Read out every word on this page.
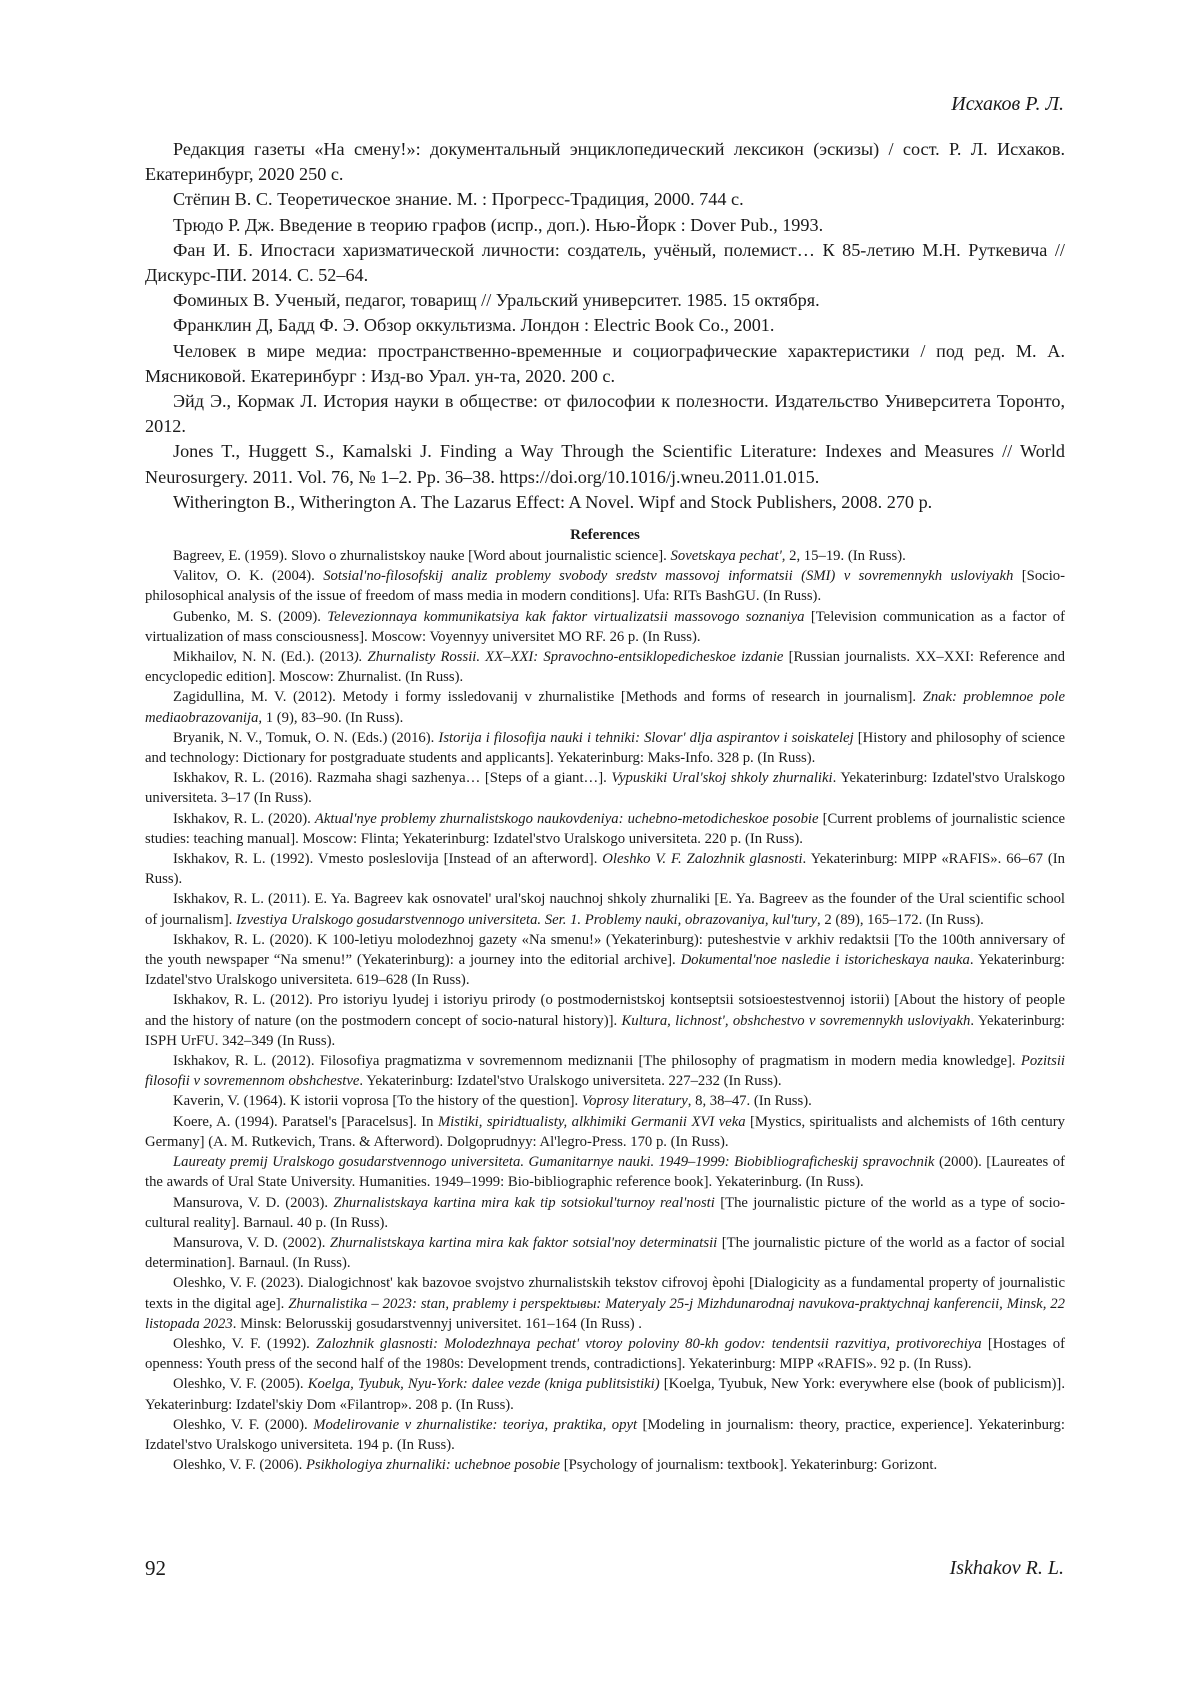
Исхаков Р. Л.

Редакция газеты «На смену!»: документальный энциклопедический лексикон (эскизы) / сост. Р. Л. Исхаков. Екатеринбург, 2020 250 с.

Стёпин В. С. Теоретическое знание. М. : Прогресс-Традиция, 2000. 744 с.

Трюдо Р. Дж. Введение в теорию графов (испр., доп.). Нью-Йорк : Dover Pub., 1993.

Фан И. Б. Ипостаси харизматической личности: создатель, учёный, полемист… К 85-летию М.Н. Руткевича // Дискурс-ПИ. 2014. С. 52–64.

Фоминых В. Ученый, педагог, товарищ // Уральский университет. 1985. 15 октября.

Франклин Д, Бадд Ф. Э. Обзор оккультизма. Лондон : Electric Book Co., 2001.

Человек в мире медиа: пространственно-временные и социографические характеристики / под ред. М. А. Мясниковой. Екатеринбург : Изд-во Урал. ун-та, 2020. 200 с.

Эйд Э., Кормак Л. История науки в обществе: от философии к полезности. Издательство Университета Торонто, 2012.

Jones T., Huggett S., Kamalski J. Finding a Way Through the Scientific Literature: Indexes and Measures // World Neurosurgery. 2011. Vol. 76, № 1–2. Pp. 36–38. https://doi.org/10.1016/j.wneu.2011.01.015.

Witherington B., Witherington A. The Lazarus Effect: A Novel. Wipf and Stock Publishers, 2008. 270 p.

References

Bagreev, E. (1959). Slovo o zhurnalistskoy nauke [Word about journalistic science]. Sovetskaya pechat', 2, 15–19. (In Russ).

Valitov, O. K. (2004). Sotsial'no-filosofskij analiz problemy svobody sredstv massovoj informatsii (SMI) v sovremennykh usloviyakh [Socio-philosophical analysis of the issue of freedom of mass media in modern conditions]. Ufa: RITs BashGU. (In Russ).

Gubenko, M. S. (2009). Televezionnaya kommunikatsiya kak faktor virtualizatsii massovogo soznaniya [Television communication as a factor of virtualization of mass consciousness]. Moscow: Voyennyy universitet MO RF. 26 p. (In Russ).

Mikhailov, N. N. (Ed.). (2013). Zhurnalisty Rossii. XX–XXI: Spravochno-entsiklopedicheskoe izdanie [Russian journalists. XX–XXI: Reference and encyclopedic edition]. Moscow: Zhurnalist. (In Russ).

Zagidullina, M. V. (2012). Metody i formy issledovanij v zhurnalistike [Methods and forms of research in journalism]. Znak: problemnoe pole mediaobrazovanija, 1 (9), 83–90. (In Russ).

Bryanik, N. V., Tomuk, O. N. (Eds.) (2016). Istorija i filosofija nauki i tehniki: Slovar' dlja aspirantov i soiskatelej [History and philosophy of science and technology: Dictionary for postgraduate students and applicants]. Yekaterinburg: Maks-Info. 328 p. (In Russ).

Iskhakov, R. L. (2016). Razmaha shagi sazhenya… [Steps of a giant…]. Vypuskiki Ural'skoj shkoly zhurnaliki. Yekaterinburg: Izdatel'stvo Uralskogo universiteta. 3–17 (In Russ).

Iskhakov, R. L. (2020). Aktual'nye problemy zhurnalistskogo naukovdeniya: uchebno-metodicheskoe posobie [Current problems of journalistic science studies: teaching manual]. Moscow: Flinta; Yekaterinburg: Izdatel'stvo Uralskogo universiteta. 220 p. (In Russ).

Iskhakov, R. L. (1992). Vmesto posleslovija [Instead of an afterword]. Oleshko V. F. Zalozhnik glasnosti. Yekaterinburg: MIPP «RAFIS». 66–67 (In Russ).

Iskhakov, R. L. (2011). E. Ya. Bagreev kak osnovatel' ural'skoj nauchnoj shkoly zhurnaliki [E. Ya. Bagreev as the founder of the Ural scientific school of journalism]. Izvestiya Uralskogo gosudarstvennogo universiteta. Ser. 1. Problemy nauki, obrazovaniya, kul'tury, 2 (89), 165–172. (In Russ).

Iskhakov, R. L. (2020). K 100-letiyu molodezhnoj gazety «Na smenu!» (Yekaterinburg): puteshestvie v arkhiv redaktsii [To the 100th anniversary of the youth newspaper “Na smenu!” (Yekaterinburg): a journey into the editorial archive]. Dokumental'noe nasledie i istoricheskaya nauka. Yekaterinburg: Izdatel'stvo Uralskogo universiteta. 619–628 (In Russ).

Iskhakov, R. L. (2012). Pro istoriyu lyudej i istoriyu prirody (o postmodernistskoj kontseptsii sotsioestestvennoj istorii) [About the history of people and the history of nature (on the postmodern concept of socio-natural history)]. Kultura, lichnost', obshchestvo v sovremennykh usloviyakh. Yekaterinburg: ISPH UrFU. 342–349 (In Russ).

Iskhakov, R. L. (2012). Filosofiya pragmatizma v sovremennom mediznanii [The philosophy of pragmatism in modern media knowledge]. Pozitsii filosofii v sovremennom obshchestve. Yekaterinburg: Izdatel'stvo Uralskogo universiteta. 227–232 (In Russ).

Kaverin, V. (1964). K istorii voprosa [To the history of the question]. Voprosy literatury, 8, 38–47. (In Russ).

Koere, A. (1994). Paratsel's [Paracelsus]. In Mistiki, spiridtualisty, alkhimiki Germanii XVI veka [Mystics, spiritualists and alchemists of 16th century Germany] (A. M. Rutkevich, Trans. & Afterword). Dolgoprudnyy: Al'legro-Press. 170 p. (In Russ).

Laureaty premij Uralskogo gosudarstvennogo universiteta. Gumanitarnye nauki. 1949–1999: Biobibliograficheskij spravochnik (2000). [Laureates of the awards of Ural State University. Humanities. 1949–1999: Bio-bibliographic reference book]. Yekaterinburg. (In Russ).

Mansurova, V. D. (2003). Zhurnalistskaya kartina mira kak tip sotsiokul'turnoy real'nosti [The journalistic picture of the world as a type of socio-cultural reality]. Barnaul. 40 p. (In Russ).

Mansurova, V. D. (2002). Zhurnalistskaya kartina mira kak faktor sotsial'noy determinatsii [The journalistic picture of the world as a factor of social determination]. Barnaul. (In Russ).

Oleshko, V. F. (2023). Dialogichnost' kak bazovoe svojstvo zhurnalistskih tekstov cifrovoj èpohi [Dialogicity as a fundamental property of journalistic texts in the digital age]. Zhurnalistika – 2023: stan, prablemy i perspektывы: Materyaly 25-j Mizhdunarodnaj navukova-praktychnaj kanferencii, Minsk, 22 listopada 2023. Minsk: Belorusskij gosudarstvennyj universitet. 161–164 (In Russ) .

Oleshko, V. F. (1992). Zalozhnik glasnosti: Molodezhnaya pechat' vtoroy poloviny 80-kh godov: tendentsii razvitiya, protivorechiya [Hostages of openness: Youth press of the second half of the 1980s: Development trends, contradictions]. Yekaterinburg: MIPP «RAFIS». 92 p. (In Russ).

Oleshko, V. F. (2005). Koelga, Tyubuk, Nyu-York: dalee vezde (kniga publitsistiki) [Koelga, Tyubuk, New York: everywhere else (book of publicism)]. Yekaterinburg: Izdatel'skiy Dom «Filantrop». 208 p. (In Russ).

Oleshko, V. F. (2000). Modelirovanie v zhurnalistike: teoriya, praktika, opyt [Modeling in journalism: theory, practice, experience]. Yekaterinburg: Izdatel'stvo Uralskogo universiteta. 194 p. (In Russ).

Oleshko, V. F. (2006). Psikhologiya zhurnaliki: uchebnoe posobie [Psychology of journalism: textbook]. Yekaterinburg: Gorizont.

92	Iskhakov R. L.
